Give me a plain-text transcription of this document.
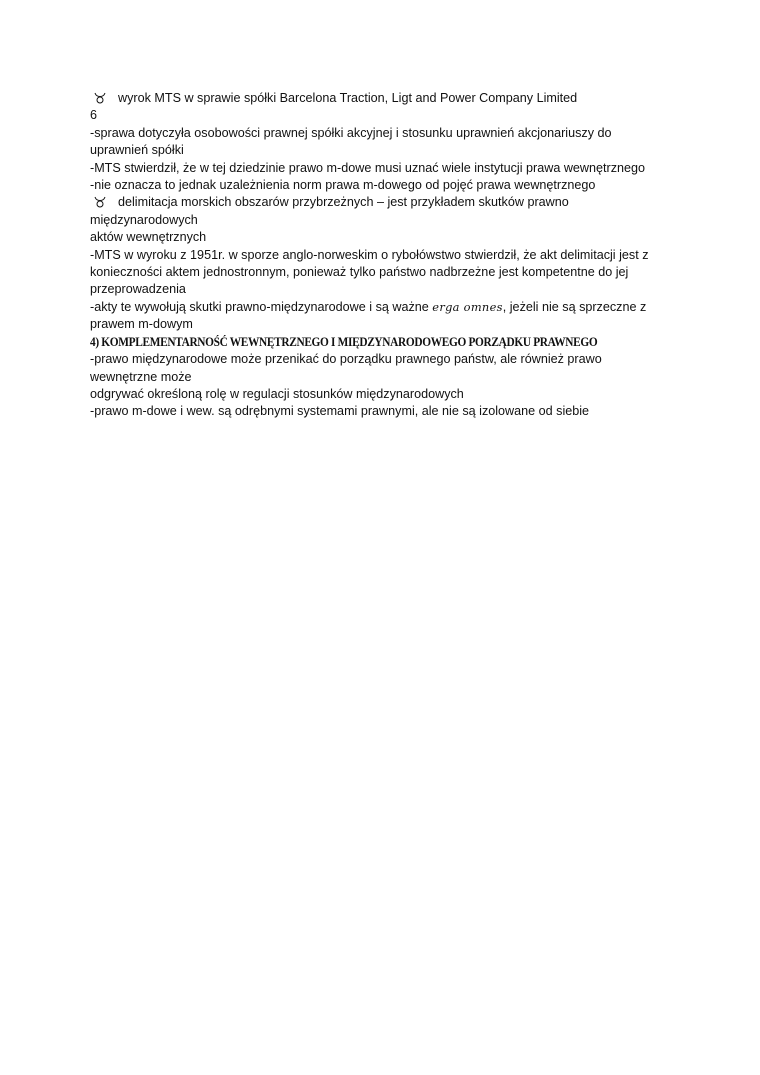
wyrok MTS w sprawie spółki Barcelona Traction, Ligt and Power Company Limited

6

-sprawa dotyczyła osobowości prawnej spółki akcyjnej i stosunku uprawnień akcjonariuszy do

uprawnień spółki

-MTS stwierdził, że w tej dziedzinie prawo m-dowe musi uznać wiele instytucji prawa wewnętrznego

-nie oznacza to jednak uzależnienia norm prawa m-dowego od pojęć prawa wewnętrznego

delimitacja morskich obszarów przybrzeżnych – jest przykładem skutków prawno

międzynarodowych

aktów wewnętrznych

-MTS w wyroku z 1951r. w sporze anglo-norweskim o rybołówstwo stwierdził, że akt delimitacji jest z

konieczności aktem jednostronnym, ponieważ tylko państwo nadbrzeżne jest kompetentne do jej

przeprowadzenia

-akty te wywołują skutki prawno-międzynarodowe i są ważne erga omnes, jeżeli nie są sprzeczne z

prawem m-dowym

4) KOMPLEMENTARNOŚĆ WEWNĘTRZNEGO I MIĘDZYNARODOWEGO PORZĄDKU PRAWNEGO

-prawo międzynarodowe może przenikać do porządku prawnego państw, ale również prawo

wewnętrzne może

odgrywać określoną rolę w regulacji stosunków międzynarodowych

-prawo m-dowe i wew. są odrębnymi systemami prawnymi, ale nie są izolowane od siebie
